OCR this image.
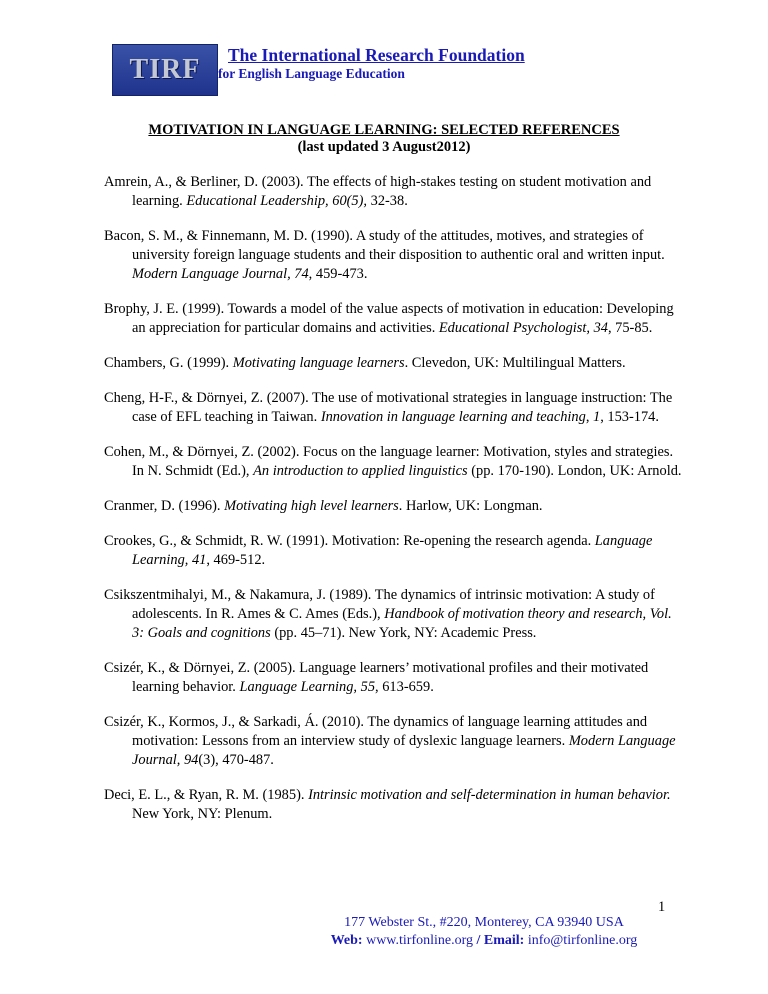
TIRF The International Research Foundation
for English Language Education
MOTIVATION IN LANGUAGE LEARNING: SELECTED REFERENCES
(last updated 3 August2012)

Amrein, A., & Berliner, D. (2003). The effects of high-stakes testing on student motivation and learning. Educational Leadership, 60(5), 32-38.

Bacon, S. M., & Finnemann, M. D. (1990). A study of the attitudes, motives, and strategies of university foreign language students and their disposition to authentic oral and written input. Modern Language Journal, 74, 459-473.

Brophy, J. E. (1999). Towards a model of the value aspects of motivation in education: Developing an appreciation for particular domains and activities. Educational Psychologist, 34, 75-85.

Chambers, G. (1999). Motivating language learners. Clevedon, UK: Multilingual Matters.

Cheng, H-F., & Dörnyei, Z. (2007). The use of motivational strategies in language instruction: The case of EFL teaching in Taiwan. Innovation in language learning and teaching, 1, 153-174.

Cohen, M., & Dörnyei, Z. (2002). Focus on the language learner: Motivation, styles and strategies. In N. Schmidt (Ed.), An introduction to applied linguistics (pp. 170-190). London, UK: Arnold.

Cranmer, D. (1996). Motivating high level learners. Harlow, UK: Longman.

Crookes, G., & Schmidt, R. W. (1991). Motivation: Re-opening the research agenda. Language Learning, 41, 469-512.

Csikszentmihalyi, M., & Nakamura, J. (1989). The dynamics of intrinsic motivation: A study of adolescents. In R. Ames & C. Ames (Eds.), Handbook of motivation theory and research, Vol. 3: Goals and cognitions (pp. 45–71). New York, NY: Academic Press.

Csizér, K., & Dörnyei, Z. (2005). Language learners’ motivational profiles and their motivated learning behavior. Language Learning, 55, 613-659.

Csizér, K., Kormos, J., & Sarkadi, Á. (2010). The dynamics of language learning attitudes and motivation: Lessons from an interview study of dyslexic language learners. Modern Language Journal, 94(3), 470-487.

Deci, E. L., & Ryan, R. M. (1985). Intrinsic motivation and self-determination in human behavior. New York, NY: Plenum.

1
177 Webster St., #220, Monterey, CA 93940 USA
Web: www.tirfonline.org / Email: info@tirfonline.org
